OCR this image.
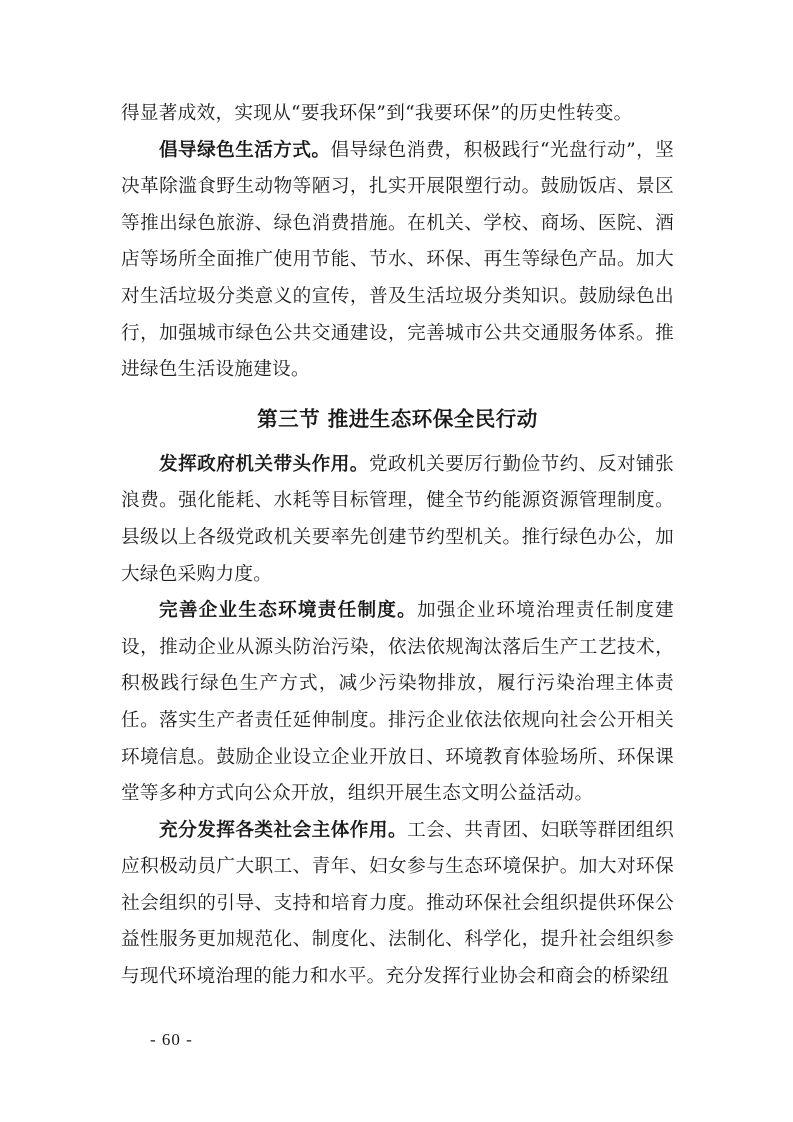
得显著成效，实现从“要我环保”到“我要环保”的历史性转变。

倡导绿色生活方式。倡导绿色消费，积极践行“光盘行动”，坚决革除滥食野生动物等陋习，扎实开展限塑行动。鼓励饭店、景区等推出绿色旅游、绿色消费措施。在机关、学校、商场、医院、酒店等场所全面推广使用节能、节水、环保、再生等绿色产品。加大对生活垃圾分类意义的宣传，普及生活垃圾分类知识。鼓励绿色出行，加强城市绿色公共交通建设，完善城市公共交通服务体系。推进绿色生活设施建设。

第三节 推进生态环保全民行动

发挥政府机关带头作用。党政机关要厉行勤俭节约、反对铺张浪费。强化能耗、水耗等目标管理，健全节约能源资源管理制度。县级以上各级党政机关要率先创建节约型机关。推行绿色办公，加大绿色采购力度。

完善企业生态环境责任制度。加强企业环境治理责任制度建设，推动企业从源头防治污染，依法依规淘汰落后生产工艺技术，积极践行绿色生产方式，减少污染物排放，履行污染治理主体责任。落实生产者责任延伸制度。排污企业依法依规向社会公开相关环境信息。鼓励企业设立企业开放日、环境教育体验场所、环保课堂等多种方式向公众开放，组织开展生态文明公益活动。

充分发挥各类社会主体作用。工会、共青团、妇联等群团组织应积极动员广大职工、青年、妇女参与生态环境保护。加大对环保社会组织的引导、支持和培育力度。推动环保社会组织提供环保公益性服务更加规范化、制度化、法制化、科学化，提升社会组织参与现代环境治理的能力和水平。充分发挥行业协会和商会的桥梁纽

- 60 -
